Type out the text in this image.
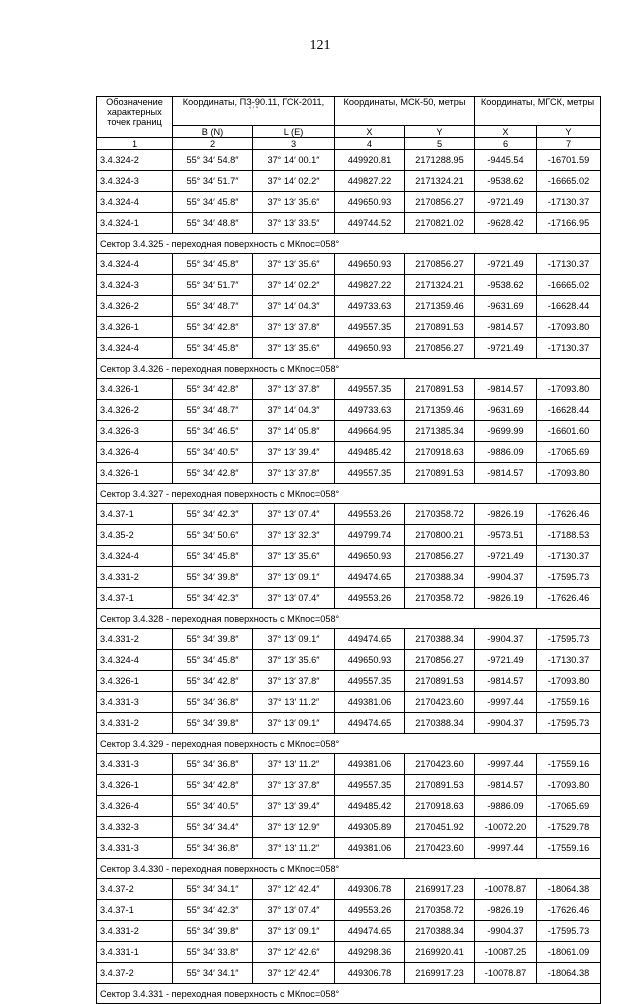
121
Обозначение характерных точек границ	Координаты, ПЗ-90.11, ГСК-2011,
° ′ ″		Координаты, МСК-50, метры		Координаты, МГСК, метры	
	B (N)	L (E)	X	Y	X	Y
1	2	3	4	5	6	7
3.4.324-2	55° 34′ 54.8″	37° 14′ 00.1″	449920.81	2171288.95	-9445.54	-16701.59
3.4.324-3	55° 34′ 51.7″	37° 14′ 02.2″	449827.22	2171324.21	-9538.62	-16665.02
3.4.324-4	55° 34′ 45.8″	37° 13′ 35.6″	449650.93	2170856.27	-9721.49	-17130.37
3.4.324-1	55° 34′ 48.8″	37° 13′ 33.5″	449744.52	2170821.02	-9628.42	-17166.95
Сектор 3.4.325 - переходная поверхность с МКпос=058°						
3.4.324-4	55° 34′ 45.8″	37° 13′ 35.6″	449650.93	2170856.27	-9721.49	-17130.37
3.4.324-3	55° 34′ 51.7″	37° 14′ 02.2″	449827.22	2171324.21	-9538.62	-16665.02
3.4.326-2	55° 34′ 48.7″	37° 14′ 04.3″	449733.63	2171359.46	-9631.69	-16628.44
3.4.326-1	55° 34′ 42.8″	37° 13′ 37.8″	449557.35	2170891.53	-9814.57	-17093.80
3.4.324-4	55° 34′ 45.8″	37° 13′ 35.6″	449650.93	2170856.27	-9721.49	-17130.37
Сектор 3.4.326 - переходная поверхность с МКпос=058°						
3.4.326-1	55° 34′ 42.8″	37° 13′ 37.8″	449557.35	2170891.53	-9814.57	-17093.80
3.4.326-2	55° 34′ 48.7″	37° 14′ 04.3″	449733.63	2171359.46	-9631.69	-16628.44
3.4.326-3	55° 34′ 46.5″	37° 14′ 05.8″	449664.95	2171385.34	-9699.99	-16601.60
3.4.326-4	55° 34′ 40.5″	37° 13′ 39.4″	449485.42	2170918.63	-9886.09	-17065.69
3.4.326-1	55° 34′ 42.8″	37° 13′ 37.8″	449557.35	2170891.53	-9814.57	-17093.80
Сектор 3.4.327 - переходная поверхность с МКпос=058°						
3.4.37-1	55° 34′ 42.3″	37° 13′ 07.4″	449553.26	2170358.72	-9826.19	-17626.46
3.4.35-2	55° 34′ 50.6″	37° 13′ 32.3″	449799.74	2170800.21	-9573.51	-17188.53
3.4.324-4	55° 34′ 45.8″	37° 13′ 35.6″	449650.93	2170856.27	-9721.49	-17130.37
3.4.331-2	55° 34′ 39.8″	37° 13′ 09.1″	449474.65	2170388.34	-9904.37	-17595.73
3.4.37-1	55° 34′ 42.3″	37° 13′ 07.4″	449553.26	2170358.72	-9826.19	-17626.46
Сектор 3.4.328 - переходная поверхность с МКпос=058°						
3.4.331-2	55° 34′ 39.8″	37° 13′ 09.1″	449474.65	2170388.34	-9904.37	-17595.73
3.4.324-4	55° 34′ 45.8″	37° 13′ 35.6″	449650.93	2170856.27	-9721.49	-17130.37
3.4.326-1	55° 34′ 42.8″	37° 13′ 37.8″	449557.35	2170891.53	-9814.57	-17093.80
3.4.331-3	55° 34′ 36.8″	37° 13′ 11.2″	449381.06	2170423.60	-9997.44	-17559.16
3.4.331-2	55° 34′ 39.8″	37° 13′ 09.1″	449474.65	2170388.34	-9904.37	-17595.73
Сектор 3.4.329 - переходная поверхность с МКпос=058°						
3.4.331-3	55° 34′ 36.8″	37° 13′ 11.2″	449381.06	2170423.60	-9997.44	-17559.16
3.4.326-1	55° 34′ 42.8″	37° 13′ 37.8″	449557.35	2170891.53	-9814.57	-17093.80
3.4.326-4	55° 34′ 40.5″	37° 13′ 39.4″	449485.42	2170918.63	-9886.09	-17065.69
3.4.332-3	55° 34′ 34.4″	37° 13′ 12.9″	449305.89	2170451.92	-10072.20	-17529.78
3.4.331-3	55° 34′ 36.8″	37° 13′ 11.2″	449381.06	2170423.60	-9997.44	-17559.16
Сектор 3.4.330 - переходная поверхность с МКпос=058°						
3.4.37-2	55° 34′ 34.1″	37° 12′ 42.4″	449306.78	2169917.23	-10078.87	-18064.38
3.4.37-1	55° 34′ 42.3″	37° 13′ 07.4″	449553.26	2170358.72	-9826.19	-17626.46
3.4.331-2	55° 34′ 39.8″	37° 13′ 09.1″	449474.65	2170388.34	-9904.37	-17595.73
3.4.331-1	55° 34′ 33.8″	37° 12′ 42.6″	449298.36	2169920.41	-10087.25	-18061.09
3.4.37-2	55° 34′ 34.1″	37° 12′ 42.4″	449306.78	2169917.23	-10078.87	-18064.38
Сектор 3.4.331 - переходная поверхность с МКпос=058°						
